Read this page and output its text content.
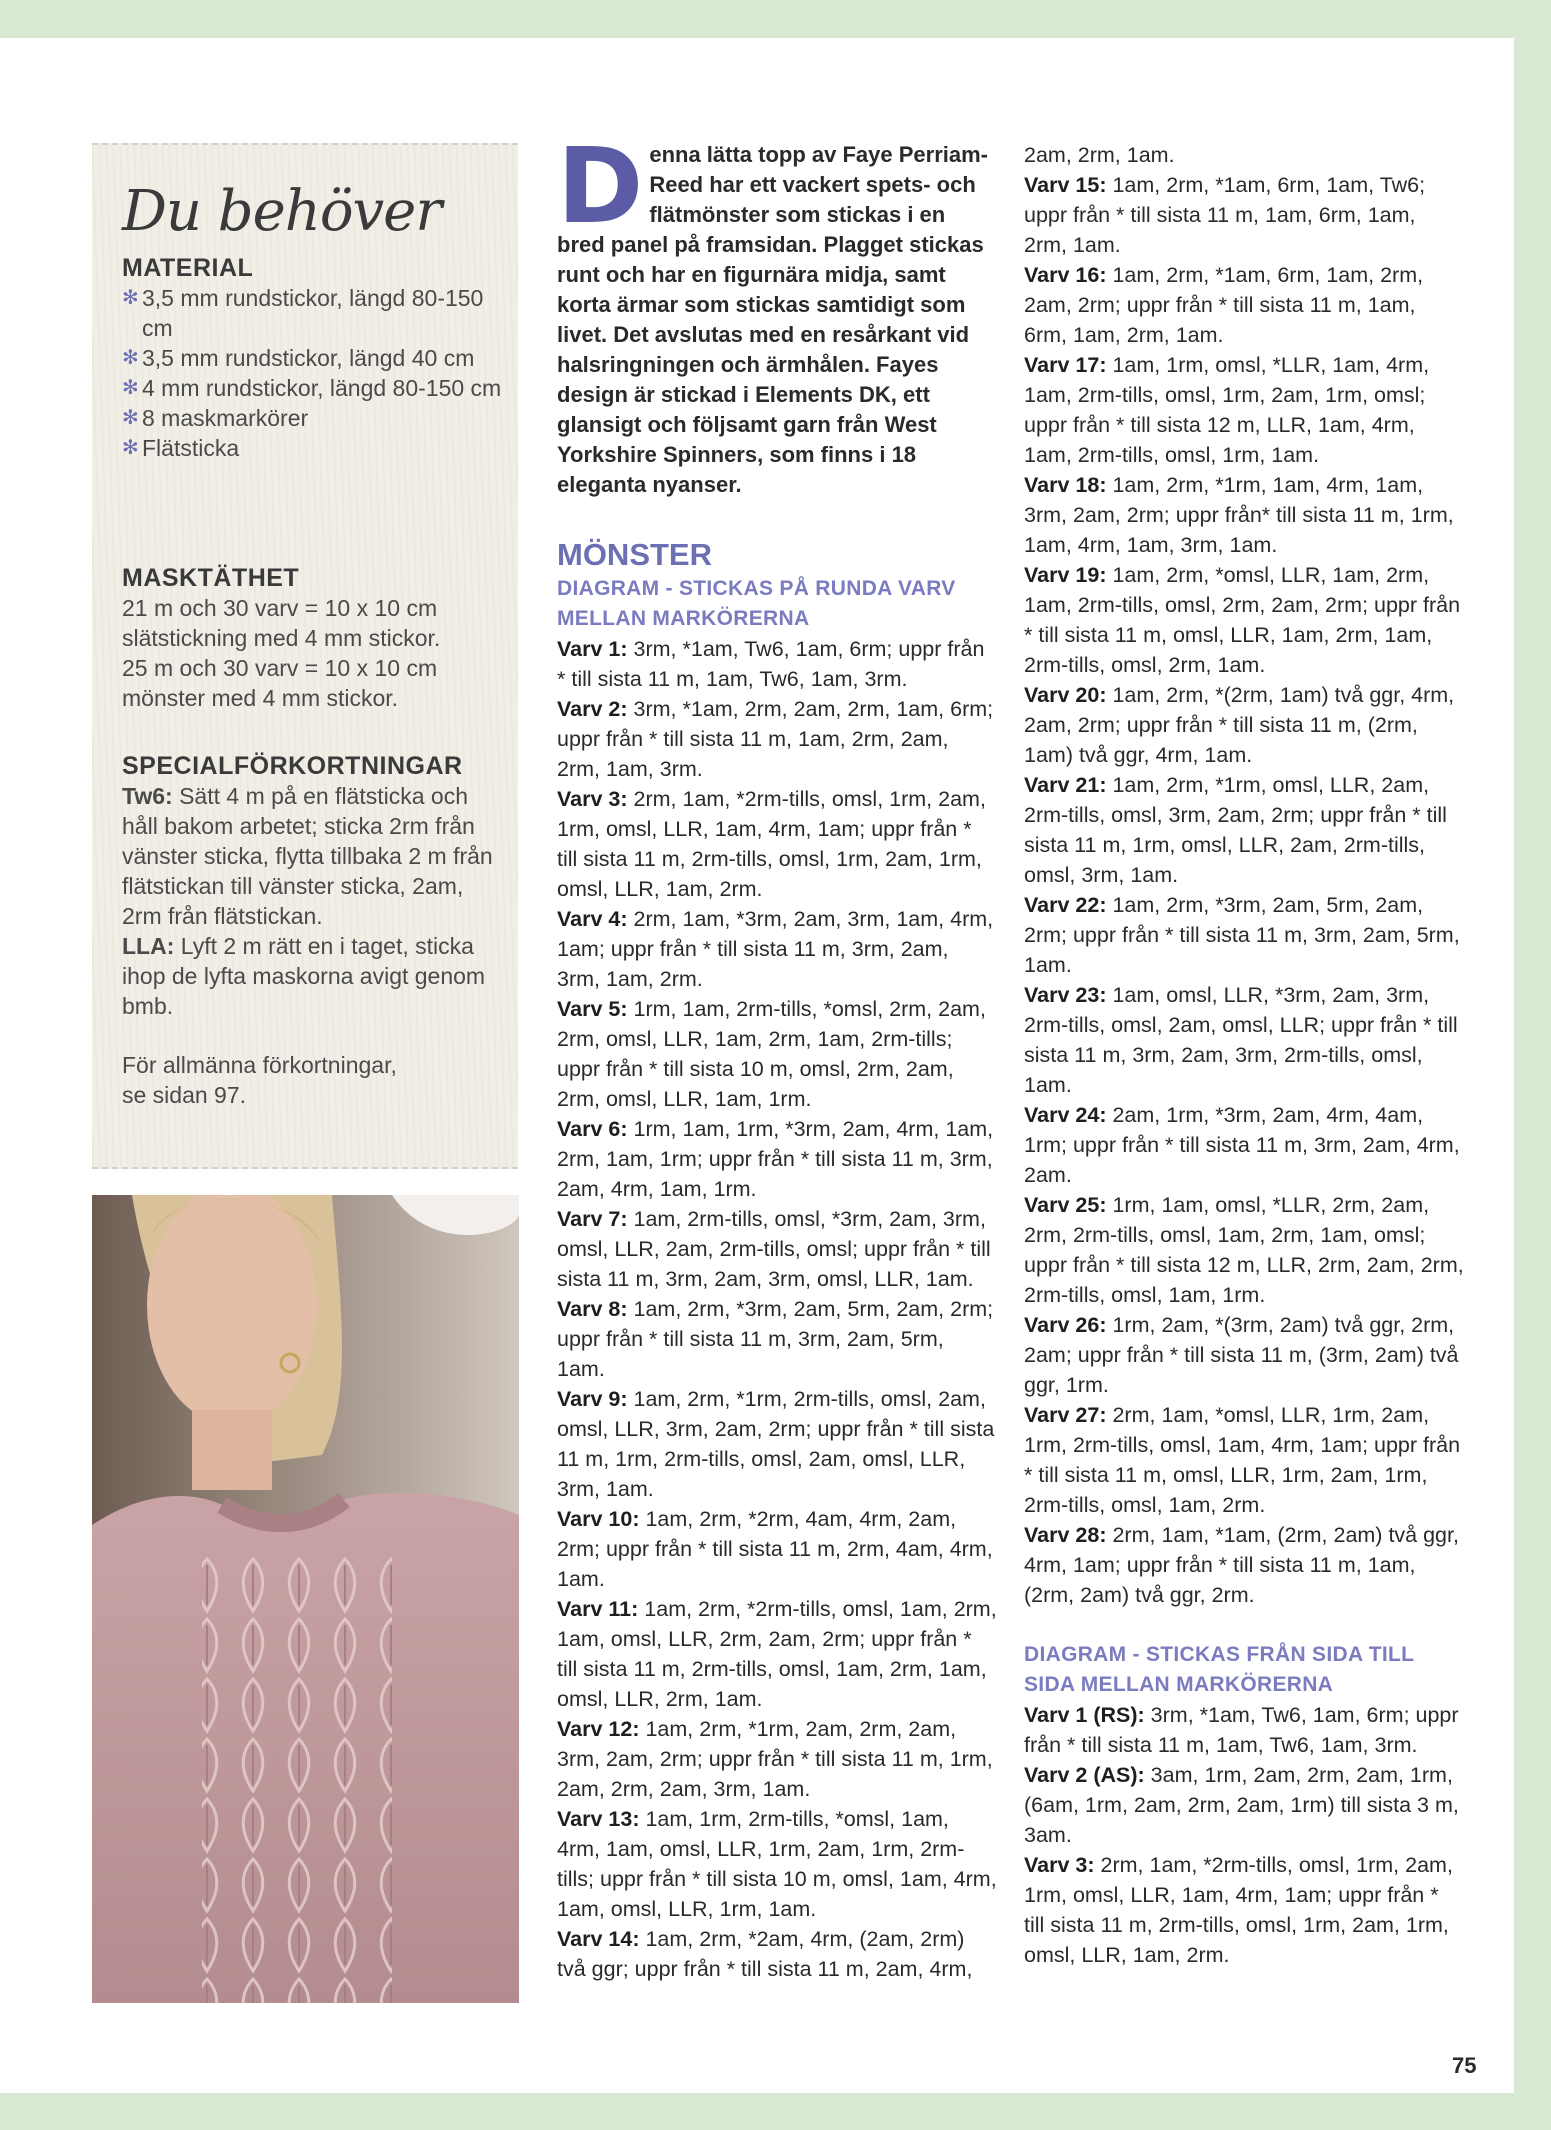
Du behöver

MATERIAL

✻ 3,5 mm rundstickor, längd 80-150 cm
✻ 3,5 mm rundstickor, längd 40 cm
✻ 4 mm rundstickor, längd 80-150 cm
✻ 8 maskmarkörer
✻ Flätsticka

MASKTÄTHET

21 m och 30 varv = 10 x 10 cm slätstickning med 4 mm stickor.

25 m och 30 varv = 10 x 10 cm mönster med 4 mm stickor.

SPECIALFÖRKORTNINGAR

Tw6: Sätt 4 m på en flätsticka och håll bakom arbetet; sticka 2rm från vänster sticka, flytta tillbaka 2 m från flätstickan till vänster sticka, 2am, 2rm från flätstickan.

LLA: Lyft 2 m rätt en i taget, sticka ihop de lyfta maskorna avigt genom bmb.

För allmänna förkortningar, se sidan 97.

Denna lätta topp av Faye Perriam-Reed har ett vackert spets- och flätmönster som stickas i en bred panel på framsidan. Plagget stickas runt och har en figurnära midja, samt korta ärmar som stickas samtidigt som livet. Det avslutas med en resårkant vid halsringningen och ärmhålen. Fayes design är stickad i Elements DK, ett glansigt och följsamt garn från West Yorkshire Spinners, som finns i 18 eleganta nyanser.

MÖNSTER
DIAGRAM - STICKAS PÅ RUNDA VARV MELLAN MARKÖRERNA

Varv 1: 3rm, *1am, Tw6, 1am, 6rm; uppr från * till sista 11 m, 1am, Tw6, 1am, 3rm.

Varv 2: 3rm, *1am, 2rm, 2am, 2rm, 1am, 6rm; uppr från * till sista 11 m, 1am, 2rm, 2am, 2rm, 1am, 3rm.

Varv 3: 2rm, 1am, *2rm-tills, omsl, 1rm, 2am, 1rm, omsl, LLR, 1am, 4rm, 1am; uppr från * till sista 11 m, 2rm-tills, omsl, 1rm, 2am, 1rm, omsl, LLR, 1am, 2rm.

Varv 4: 2rm, 1am, *3rm, 2am, 3rm, 1am, 4rm, 1am; uppr från * till sista 11 m, 3rm, 2am, 3rm, 1am, 2rm.

Varv 5: 1rm, 1am, 2rm-tills, *omsl, 2rm, 2am, 2rm, omsl, LLR, 1am, 2rm, 1am, 2rm-tills; uppr från * till sista 10 m, omsl, 2rm, 2am, 2rm, omsl, LLR, 1am, 1rm.

Varv 6: 1rm, 1am, 1rm, *3rm, 2am, 4rm, 1am, 2rm, 1am, 1rm; uppr från * till sista 11 m, 3rm, 2am, 4rm, 1am, 1rm.

Varv 7: 1am, 2rm-tills, omsl, *3rm, 2am, 3rm, omsl, LLR, 2am, 2rm-tills, omsl; uppr från * till sista 11 m, 3rm, 2am, 3rm, omsl, LLR, 1am.

Varv 8: 1am, 2rm, *3rm, 2am, 5rm, 2am, 2rm; uppr från * till sista 11 m, 3rm, 2am, 5rm, 1am.

Varv 9: 1am, 2rm, *1rm, 2rm-tills, omsl, 2am, omsl, LLR, 3rm, 2am, 2rm; uppr från * till sista 11 m, 1rm, 2rm-tills, omsl, 2am, omsl, LLR, 3rm, 1am.

Varv 10: 1am, 2rm, *2rm, 4am, 4rm, 2am, 2rm; uppr från * till sista 11 m, 2rm, 4am, 4rm, 1am.

Varv 11: 1am, 2rm, *2rm-tills, omsl, 1am, 2rm, 1am, omsl, LLR, 2rm, 2am, 2rm; uppr från * till sista 11 m, 2rm-tills, omsl, 1am, 2rm, 1am, omsl, LLR, 2rm, 1am.

Varv 12: 1am, 2rm, *1rm, 2am, 2rm, 2am, 3rm, 2am, 2rm; uppr från * till sista 11 m, 1rm, 2am, 2rm, 2am, 3rm, 1am.

Varv 13: 1am, 1rm, 2rm-tills, *omsl, 1am, 4rm, 1am, omsl, LLR, 1rm, 2am, 1rm, 2rm-tills; uppr från * till sista 10 m, omsl, 1am, 4rm, 1am, omsl, LLR, 1rm, 1am.

Varv 14: 1am, 2rm, *2am, 4rm, (2am, 2rm) två ggr; uppr från * till sista 11 m, 2am, 4rm,

2am, 2rm, 1am.

Varv 15: 1am, 2rm, *1am, 6rm, 1am, Tw6; uppr från * till sista 11 m, 1am, 6rm, 1am, 2rm, 1am.

Varv 16: 1am, 2rm, *1am, 6rm, 1am, 2rm, 2am, 2rm; uppr från * till sista 11 m, 1am, 6rm, 1am, 2rm, 1am.

Varv 17: 1am, 1rm, omsl, *LLR, 1am, 4rm, 1am, 2rm-tills, omsl, 1rm, 2am, 1rm, omsl; uppr från * till sista 12 m, LLR, 1am, 4rm, 1am, 2rm-tills, omsl, 1rm, 1am.

Varv 18: 1am, 2rm, *1rm, 1am, 4rm, 1am, 3rm, 2am, 2rm; uppr från* till sista 11 m, 1rm, 1am, 4rm, 1am, 3rm, 1am.

Varv 19: 1am, 2rm, *omsl, LLR, 1am, 2rm, 1am, 2rm-tills, omsl, 2rm, 2am, 2rm; uppr från * till sista 11 m, omsl, LLR, 1am, 2rm, 1am, 2rm-tills, omsl, 2rm, 1am.

Varv 20: 1am, 2rm, *(2rm, 1am) två ggr, 4rm, 2am, 2rm; uppr från * till sista 11 m, (2rm, 1am) två ggr, 4rm, 1am.

Varv 21: 1am, 2rm, *1rm, omsl, LLR, 2am, 2rm-tills, omsl, 3rm, 2am, 2rm; uppr från * till sista 11 m, 1rm, omsl, LLR, 2am, 2rm-tills, omsl, 3rm, 1am.

Varv 22: 1am, 2rm, *3rm, 2am, 5rm, 2am, 2rm; uppr från * till sista 11 m, 3rm, 2am, 5rm, 1am.

Varv 23: 1am, omsl, LLR, *3rm, 2am, 3rm, 2rm-tills, omsl, 2am, omsl, LLR; uppr från * till sista 11 m, 3rm, 2am, 3rm, 2rm-tills, omsl, 1am.

Varv 24: 2am, 1rm, *3rm, 2am, 4rm, 4am, 1rm; uppr från * till sista 11 m, 3rm, 2am, 4rm, 2am.

Varv 25: 1rm, 1am, omsl, *LLR, 2rm, 2am, 2rm, 2rm-tills, omsl, 1am, 2rm, 1am, omsl; uppr från * till sista 12 m, LLR, 2rm, 2am, 2rm, 2rm-tills, omsl, 1am, 1rm.

Varv 26: 1rm, 2am, *(3rm, 2am) två ggr, 2rm, 2am; uppr från * till sista 11 m, (3rm, 2am) två ggr, 1rm.

Varv 27: 2rm, 1am, *omsl, LLR, 1rm, 2am, 1rm, 2rm-tills, omsl, 1am, 4rm, 1am; uppr från * till sista 11 m, omsl, LLR, 1rm, 2am, 1rm, 2rm-tills, omsl, 1am, 2rm.

Varv 28: 2rm, 1am, *1am, (2rm, 2am) två ggr, 4rm, 1am; uppr från * till sista 11 m, 1am, (2rm, 2am) två ggr, 2rm.

DIAGRAM - STICKAS FRÅN SIDA TILL SIDA MELLAN MARKÖRERNA

Varv 1 (RS): 3rm, *1am, Tw6, 1am, 6rm; uppr från * till sista 11 m, 1am, Tw6, 1am, 3rm.

Varv 2 (AS): 3am, 1rm, 2am, 2rm, 2am, 1rm, (6am, 1rm, 2am, 2rm, 2am, 1rm) till sista 3 m, 3am.

Varv 3: 2rm, 1am, *2rm-tills, omsl, 1rm, 2am, 1rm, omsl, LLR, 1am, 4rm, 1am; uppr från * till sista 11 m, 2rm-tills, omsl, 1rm, 2am, 1rm, omsl, LLR, 1am, 2rm.

75
